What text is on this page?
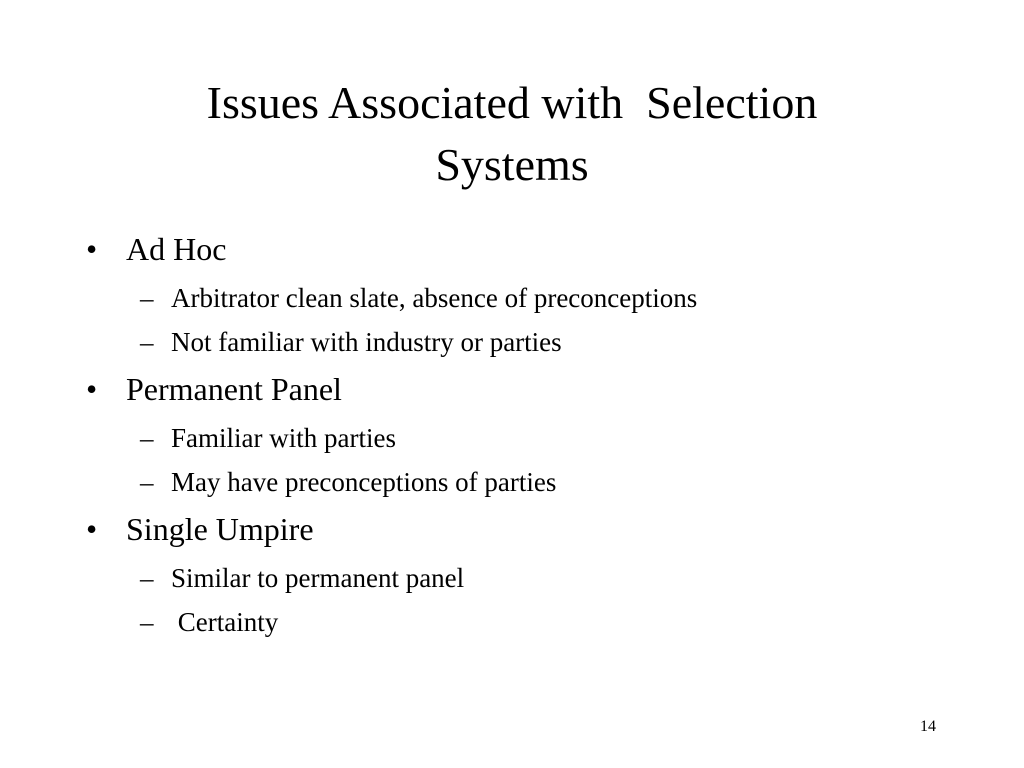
Issues Associated with  Selection
Systems
• Ad Hoc
– Arbitrator clean slate, absence of preconceptions
– Not familiar with industry or parties
• Permanent Panel
– Familiar with parties
– May have preconceptions of parties
• Single Umpire
– Similar to permanent panel
– Certainty
14
